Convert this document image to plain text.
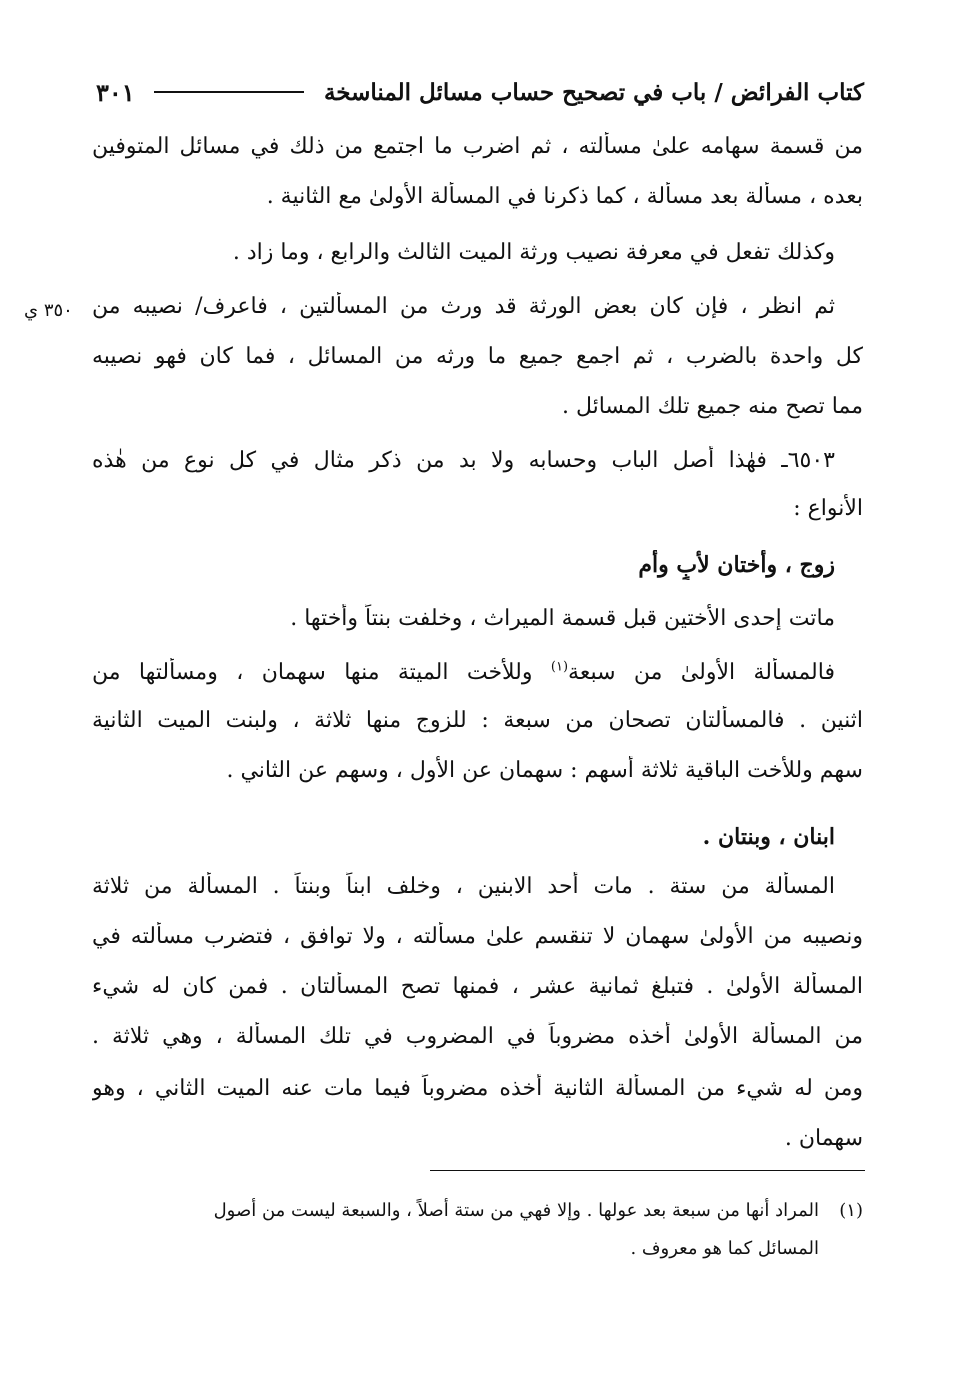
كتاب الفرائض / باب في تصحيح حساب مسائل المناسخة
٣٠١
من قسمة سهامه علىٰ مسألته ، ثم اضرب ما اجتمع من ذلك في مسائل المتوفين
بعده ، مسألة بعد مسألة ، كما ذكرنا في المسألة الأولىٰ مع الثانية .
وكذلك تفعل في معرفة نصيب ورثة الميت الثالث والرابع ، وما زاد .
ثم انظر ، فإن كان بعض الورثة قد ورث من المسألتين ، فاعرف/ نصيبه من
٣٥٠ ي
كل واحدة بالضرب ، ثم اجمع جميع ما ورثه من المسائل ، فما كان فهو نصيبه
مما تصح منه جميع تلك المسائل .
٦٥٠٣ـ فهٰذا أصل الباب وحسابه ولا بد من ذكر مثال في كل نوع من هٰذه
الأنواع :
زوج ، وأختان لأبٍ وأم
ماتت إحدى الأختين قبل قسمة الميراث ، وخلفت بنتاً وأختها .
فالمسألة الأولىٰ من سبعة$^{(١)}$ وللأخت الميتة منها سهمان ، ومسألتها من
اثنين . فالمسألتان تصحان من سبعة : للزوج منها ثلاثة ، ولبنت الميت الثانية
سهم وللأخت الباقية ثلاثة أسهم : سهمان عن الأول ، وسهم عن الثاني .
ابنان ، وبنتان .
المسألة من ستة . مات أحد الابنين ، وخلف ابناً وبنتاً . المسألة من ثلاثة
ونصيبه من الأولىٰ سهمان لا تنقسم علىٰ مسألته ، ولا توافق ، فتضرب مسألته في
المسألة الأولىٰ . فتبلغ ثمانية عشر ، فمنها تصح المسألتان . فمن كان له شيء
من المسألة الأولىٰ أخذه مضروباً في المضروب في تلك المسألة ، وهي ثلاثة .
ومن له شيء من المسألة الثانية أخذه مضروباً فيما مات عنه الميت الثاني ، وهو
سهمان .
(١)المراد أنها من سبعة بعد عولها . وإلا فهي من ستة أصلاً ، والسبعة ليست من أصول
المسائل كما هو معروف .
